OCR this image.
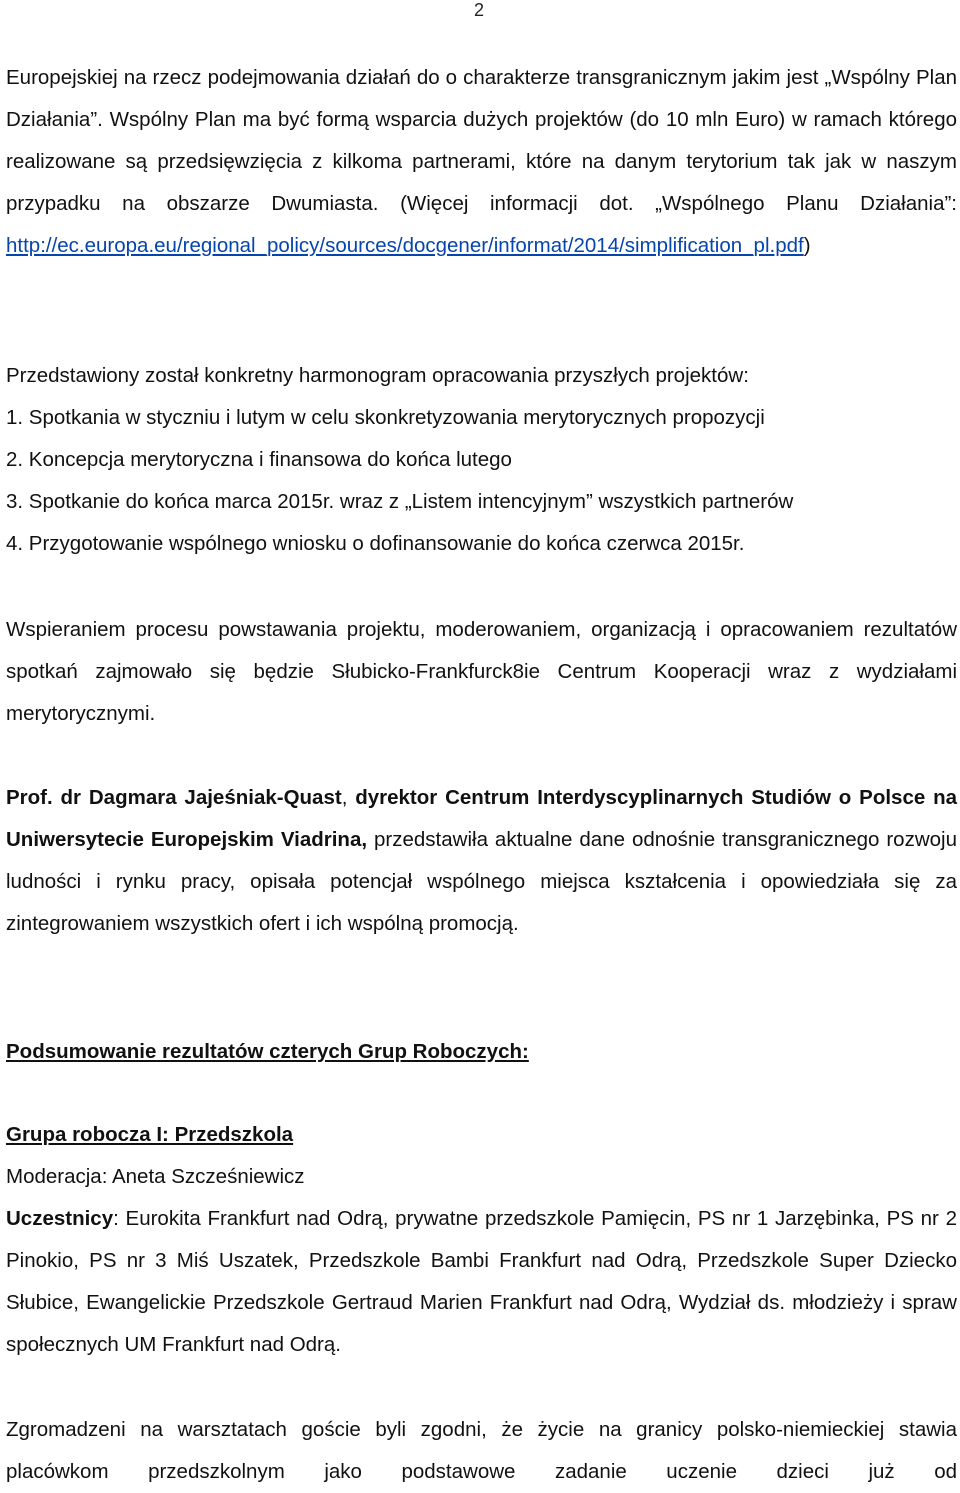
2
Europejskiej na rzecz podejmowania działań do o charakterze transgranicznym jakim jest „Wspólny Plan Działania”. Wspólny Plan ma być formą wsparcia dużych projektów (do 10 mln Euro) w ramach którego realizowane są przedsięwzięcia z kilkoma partnerami, które na danym terytorium tak jak w naszym przypadku na obszarze Dwumiasta. (Więcej informacji dot. „Wspólnego Planu Działania”: http://ec.europa.eu/regional_policy/sources/docgener/informat/2014/simplification_pl.pdf)
Przedstawiony został konkretny harmonogram opracowania przyszłych projektów:
1. Spotkania w styczniu i lutym w celu skonkretyzowania merytorycznych propozycji
2. Koncepcja merytoryczna i finansowa do końca lutego
3. Spotkanie do końca marca 2015r. wraz z „Listem intencyjnym” wszystkich partnerów
4. Przygotowanie wspólnego wniosku o dofinansowanie do końca czerwca 2015r.
Wspieraniem procesu powstawania projektu, moderowaniem, organizacją i opracowaniem rezultatów spotkań zajmowało się będzie Słubicko-Frankfurck8ie Centrum Kooperacji wraz z wydziałami merytorycznymi.
Prof. dr Dagmara Jajeśniak-Quast, dyrektor Centrum Interdyscyplinarnych Studiów o Polsce na Uniwersytecie Europejskim Viadrina, przedstawiła aktualne dane odnośnie transgranicznego rozwoju ludności i rynku pracy, opisała potencjał wspólnego miejsca kształcenia i opowiedziała się za zintegrowaniem wszystkich ofert i ich wspólną promocją.
Podsumowanie rezultatów czterych Grup Roboczych:
Grupa robocza I: Przedszkola
Moderacja: Aneta Szcześniewicz
Uczestnicy: Eurokita Frankfurt nad Odrą, prywatne przedszkole Pamięcin, PS nr 1 Jarzębinka, PS nr 2 Pinokio, PS nr 3 Miś Uszatek, Przedszkole Bambi Frankfurt nad Odrą, Przedszkole Super Dziecko Słubice, Ewangelickie Przedszkole Gertraud Marien Frankfurt nad Odrą, Wydział ds. młodzieży i spraw społecznych UM Frankfurt nad Odrą.
Zgromadzeni na warsztatach goście byli zgodni, że życie na granicy polsko-niemieckiej stawia placówkom przedszkolnym jako podstawowe zadanie uczenie dzieci już od
